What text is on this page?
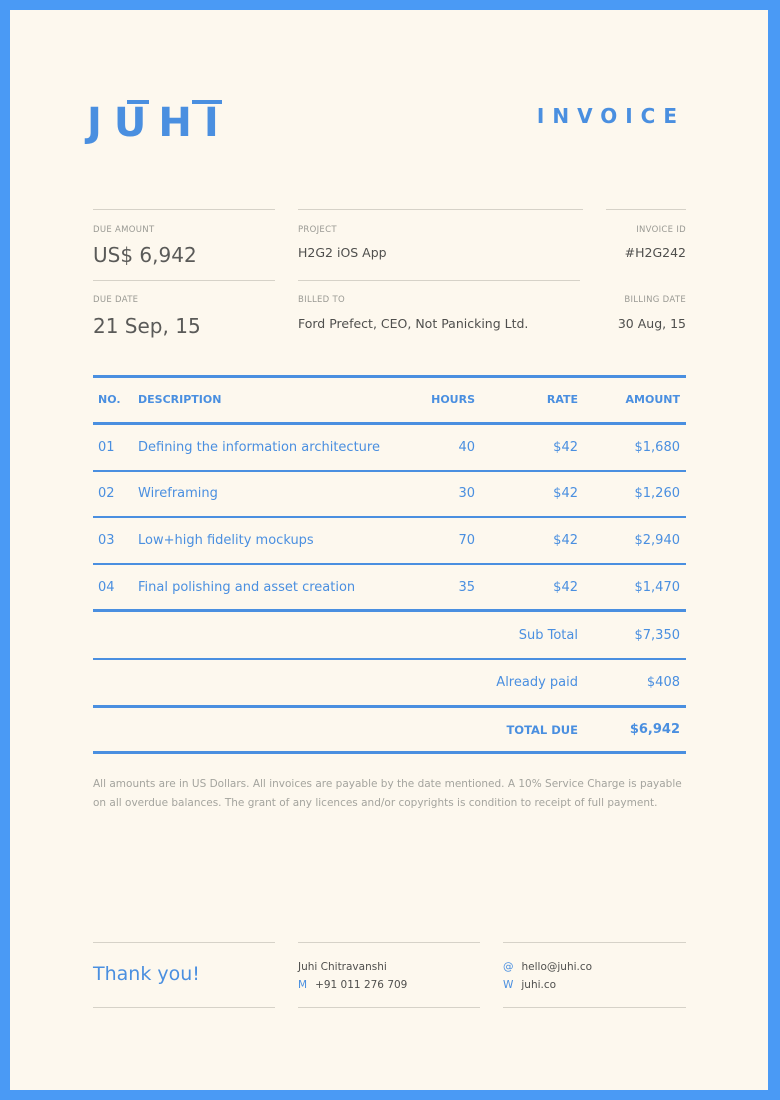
JUHI	INVOICE
DUE AMOUNT
US$ 6,942
PROJECT
H2G2 iOS App
INVOICE ID
#H2G242
DUE DATE
21 Sep, 15
BILLED TO
Ford Prefect, CEO, Not Panicking Ltd.
BILLING DATE
30 Aug, 15
NO. DESCRIPTION	HOURS	RATE	AMOUNT
01 Defining the information architecture	40	$42	$1,680
02 Wireframing	30	$42	$1,260
03 Low+high fidelity mockups	70	$42	$2,940
04 Final polishing and asset creation	35	$42	$1,470
Sub Total	$7,350
Already paid	$408
TOTAL DUE	$6,942
All amounts are in US Dollars. All invoices are payable by the date mentioned. A 10% Service Charge is payable on all overdue balances. The grant of any licences and/or copyrights is condition to receipt of full payment.
Thank you!	Juhi Chitravanshi
M +91 011 276 709
@ hello@juhi.co
W juhi.co
